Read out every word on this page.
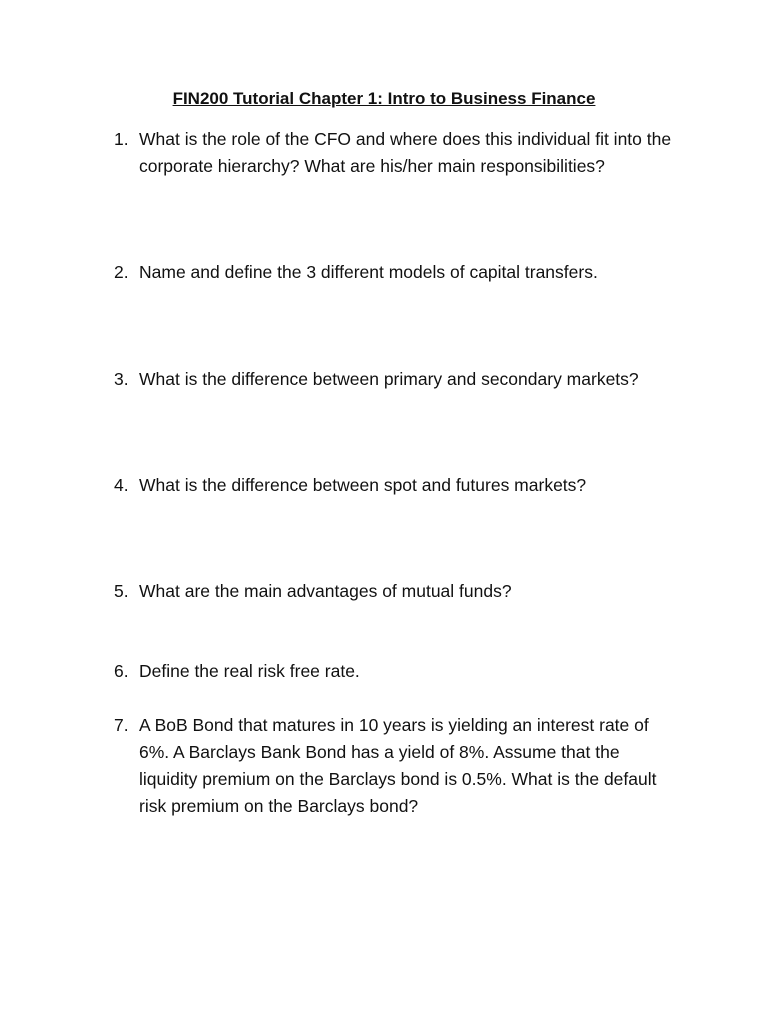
FIN200 Tutorial Chapter 1: Intro to Business Finance
1. What is the role of the CFO and where does this individual fit into the corporate hierarchy? What are his/her main responsibilities?
2. Name and define the 3 different models of capital transfers.
3. What is the difference between primary and secondary markets?
4. What is the difference between spot and futures markets?
5. What are the main advantages of mutual funds?
6. Define the real risk free rate.
7. A BoB Bond that matures in 10 years is yielding an interest rate of 6%. A Barclays Bank Bond has a yield of 8%. Assume that the liquidity premium on the Barclays bond is 0.5%. What is the default risk premium on the Barclays bond?
